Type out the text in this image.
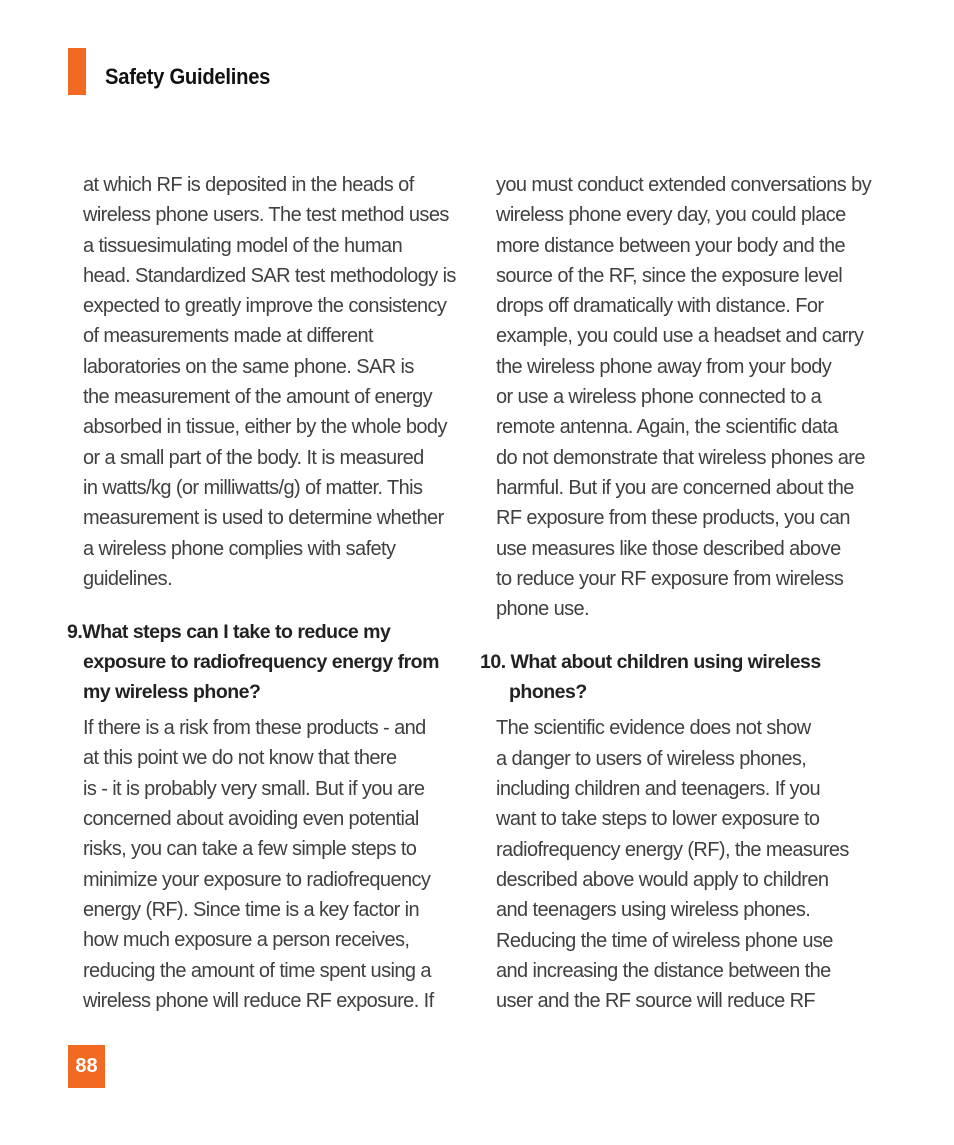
Safety Guidelines
at which RF is deposited in the heads of
wireless phone users. The test method uses
a tissuesimulating model of the human
head. Standardized SAR test methodology is
expected to greatly improve the consistency
of measurements made at different
laboratories on the same phone. SAR is
the measurement of the amount of energy
absorbed in tissue, either by the whole body
or a small part of the body. It is measured
in watts/kg (or milliwatts/g) of matter. This
measurement is used to determine whether
a wireless phone complies with safety
guidelines.
9.What steps can I take to reduce my
exposure to radiofrequency energy from
my wireless phone?
If there is a risk from these products - and
at this point we do not know that there
is - it is probably very small. But if you are
concerned about avoiding even potential
risks, you can take a few simple steps to
minimize your exposure to radiofrequency
energy (RF). Since time is a key factor in
how much exposure a person receives,
reducing the amount of time spent using a
wireless phone will reduce RF exposure. If
you must conduct extended conversations by
wireless phone every day, you could place
more distance between your body and the
source of the RF, since the exposure level
drops off dramatically with distance. For
example, you could use a headset and carry
the wireless phone away from your body
or use a wireless phone connected to a
remote antenna. Again, the scientific data
do not demonstrate that wireless phones are
harmful. But if you are concerned about the
RF exposure from these products, you can
use measures like those described above
to reduce your RF exposure from wireless
phone use.
10. What about children using wireless
phones?
The scientific evidence does not show
a danger to users of wireless phones,
including children and teenagers. If you
want to take steps to lower exposure to
radiofrequency energy (RF), the measures
described above would apply to children
and teenagers using wireless phones.
Reducing the time of wireless phone use
and increasing the distance between the
user and the RF source will reduce RF
88
